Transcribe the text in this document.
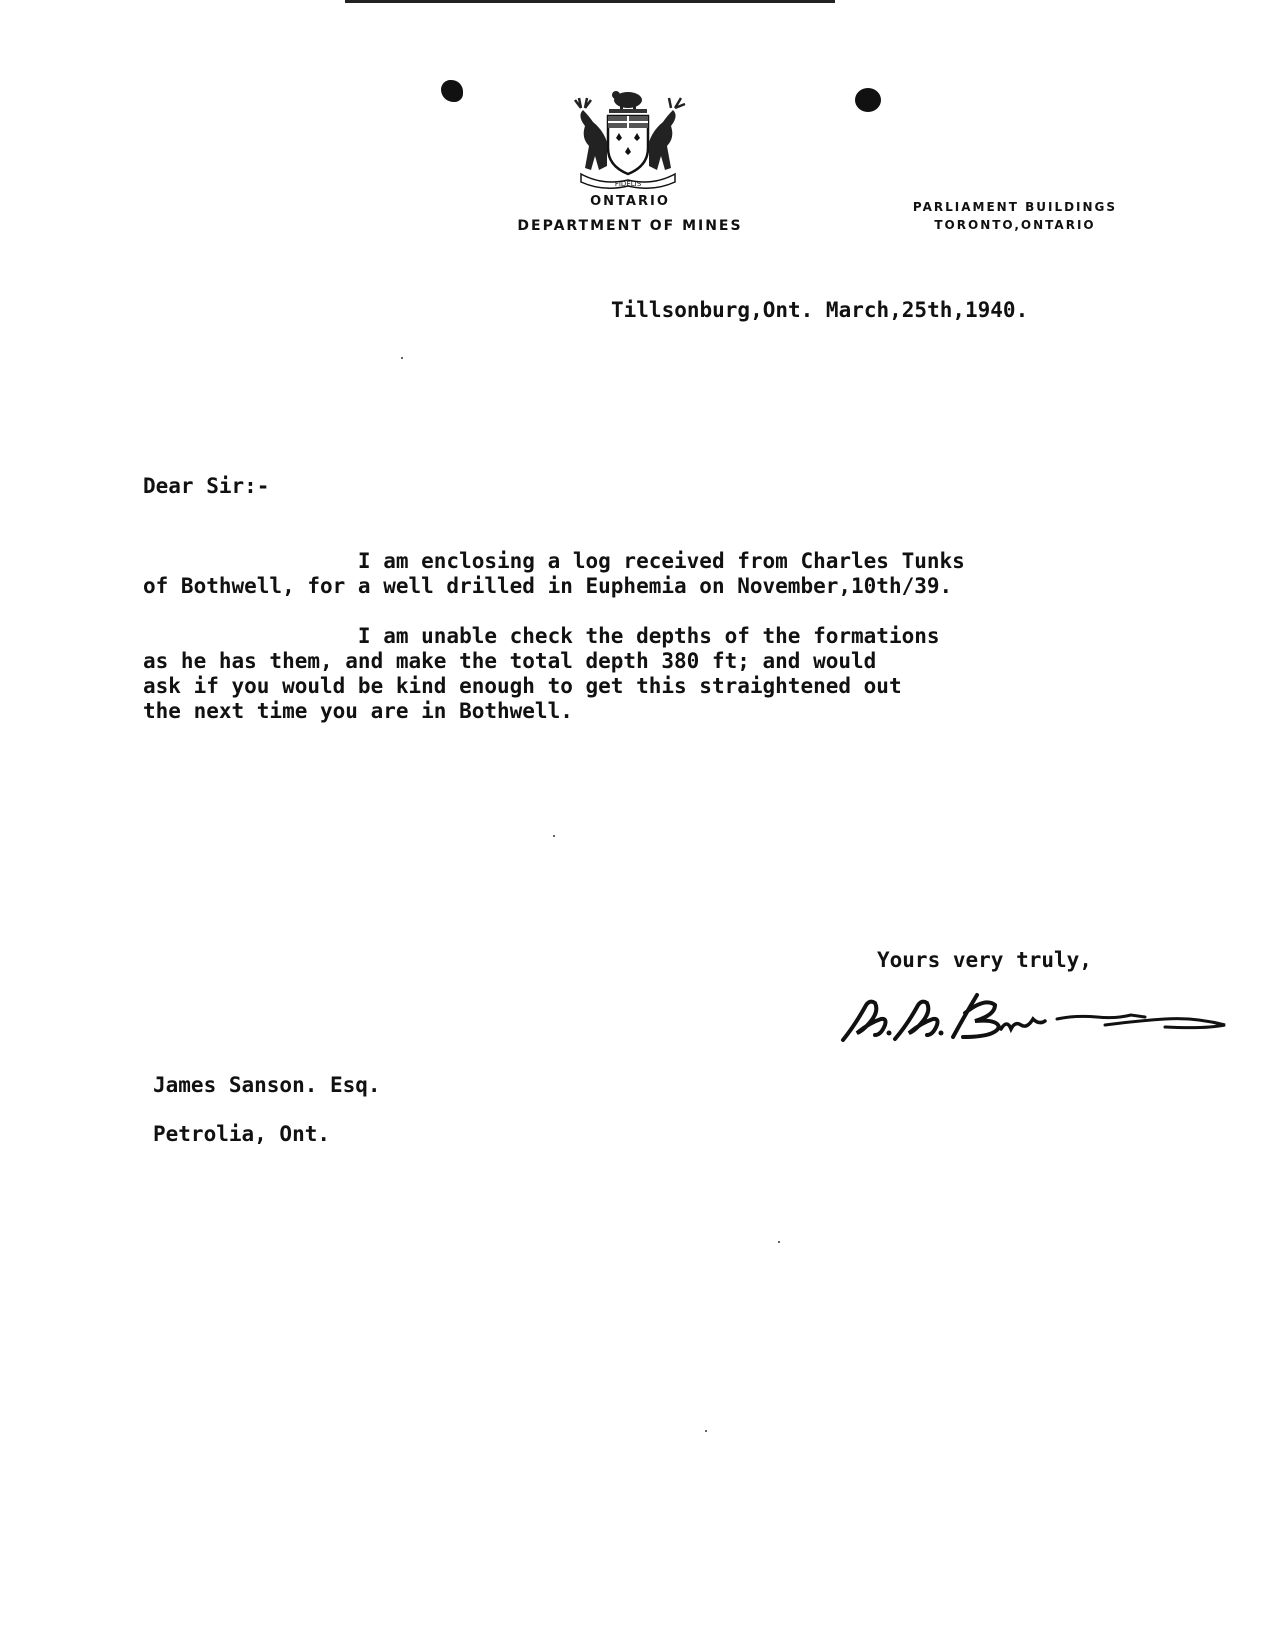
FIDELIS
ONTARIO
DEPARTMENT OF MINES
PARLIAMENT BUILDINGS
TORONTO,ONTARIO
Tillsonburg,Ont. March,25th,1940.
Dear Sir:-
I am enclosing a log received from Charles Tunks
of Bothwell, for a well drilled in Euphemia on November,10th/39.
I am unable check the depths of the formations
as he has them, and make the total depth 380 ft; and would
ask if you would be kind enough to get this straightened out
the next time you are in Bothwell.
Yours very truly,
James Sanson. Esq.
Petrolia, Ont.
